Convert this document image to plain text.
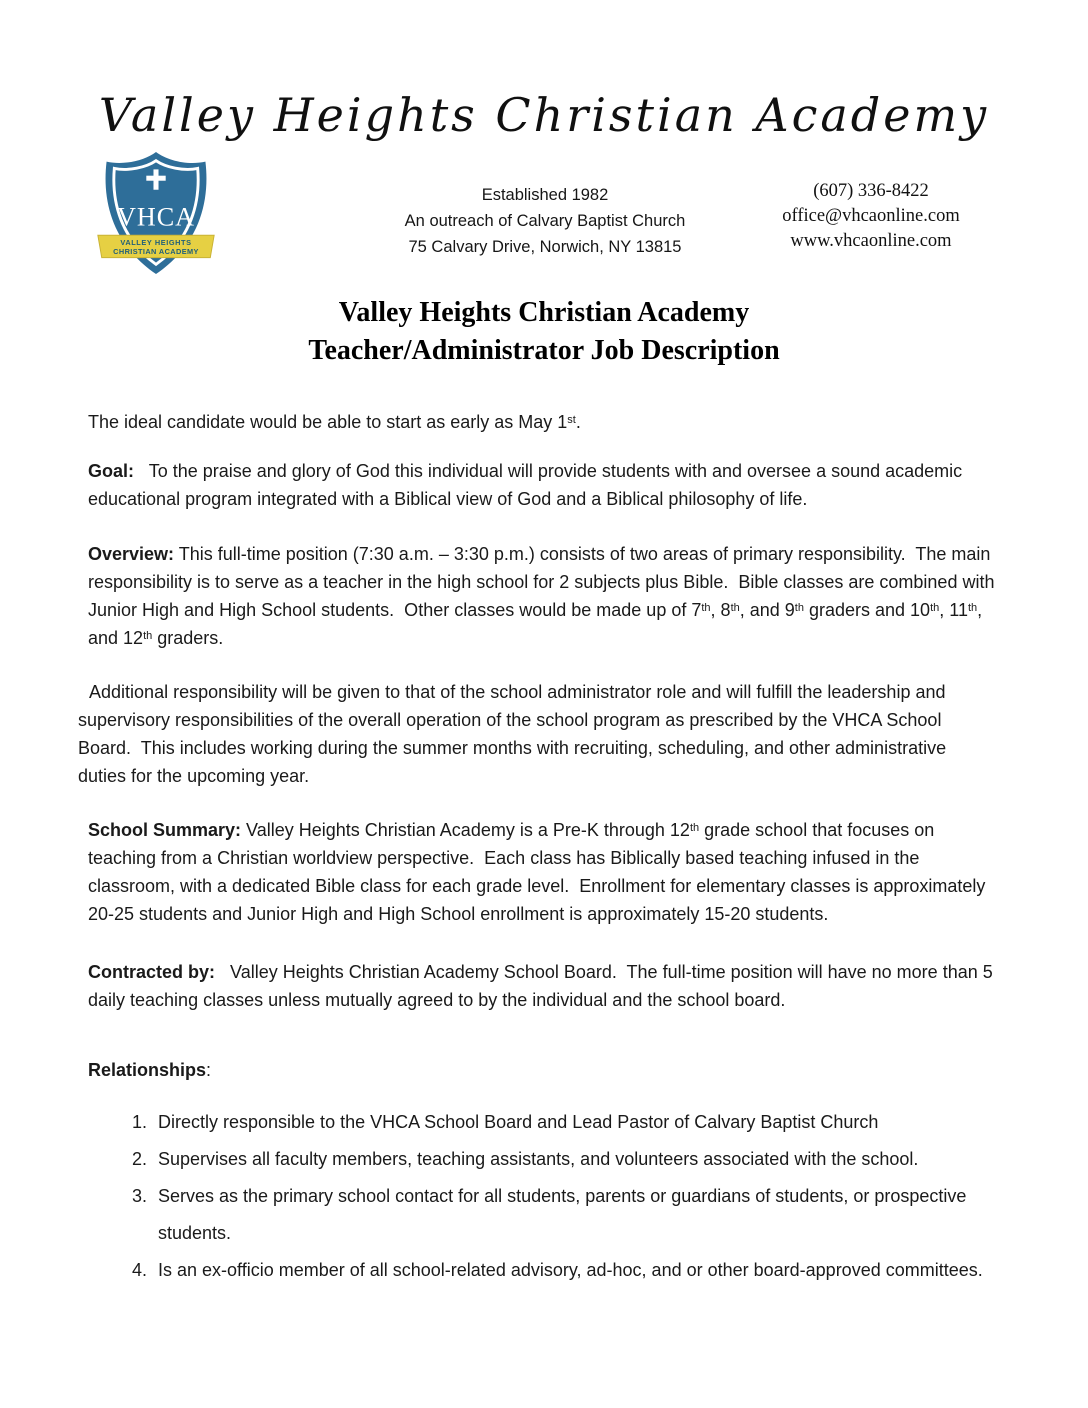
Valley Heights Christian Academy
VHCA
VALLEY HEIGHTS
CHRISTIAN ACADEMY
Established 1982
An outreach of Calvary Baptist Church
75 Calvary Drive, Norwich, NY 13815
(607) 336-8422
office@vhcaonline.com
www.vhcaonline.com
Valley Heights Christian Academy
Teacher/Administrator Job Description

The ideal candidate would be able to start as early as May 1st.

Goal:   To the praise and glory of God this individual will provide students with and oversee a sound academic educational program integrated with a Biblical view of God and a Biblical philosophy of life.

Overview: This full-time position (7:30 a.m. – 3:30 p.m.) consists of two areas of primary responsibility.  The main responsibility is to serve as a teacher in the high school for 2 subjects plus Bible.  Bible classes are combined with Junior High and High School students.  Other classes would be made up of 7th, 8th, and 9th graders and 10th, 11th, and 12th graders.

Additional responsibility will be given to that of the school administrator role and will fulfill the leadership and supervisory responsibilities of the overall operation of the school program as prescribed by the VHCA School Board.  This includes working during the summer months with recruiting, scheduling, and other administrative duties for the upcoming year.

School Summary: Valley Heights Christian Academy is a Pre-K through 12th grade school that focuses on teaching from a Christian worldview perspective.  Each class has Biblically based teaching infused in the classroom, with a dedicated Bible class for each grade level.  Enrollment for elementary classes is approximately 20-25 students and Junior High and High School enrollment is approximately 15-20 students.

Contracted by:   Valley Heights Christian Academy School Board.  The full-time position will have no more than 5 daily teaching classes unless mutually agreed to by the individual and the school board.

Relationships:

1. Directly responsible to the VHCA School Board and Lead Pastor of Calvary Baptist Church
2. Supervises all faculty members, teaching assistants, and volunteers associated with the school.
3. Serves as the primary school contact for all students, parents or guardians of students, or prospective students.
4. Is an ex-officio member of all school-related advisory, ad-hoc, and or other board-approved committees.
